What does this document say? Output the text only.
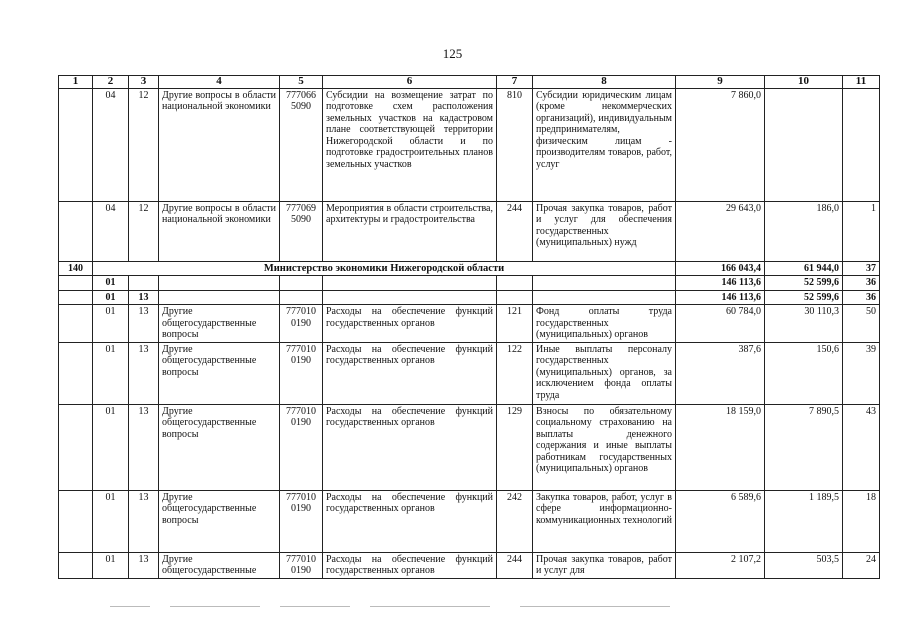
125
1	2	3	4	5	6	7	8	9	10	11
	04	12	Другие вопросы в области национальной экономики	777066 5090	Субсидии на возмещение затрат по подготовке схем расположения земельных участков на кадастровом плане соответствующей территории Нижегородской области и по подготовке градостроительных планов земельных участков	810	Субсидии юридическим лицам (кроме некоммерческих организаций), индивидуальным предпринимателям, физическим лицам - производителям товаров, работ, услуг	7 860,0		
	04	12	Другие вопросы в области национальной экономики	777069 5090	Мероприятия в области строительства, архитектуры и градостроительства	244	Прочая закупка товаров, работ и услуг для обеспечения государственных (муниципальных) нужд	29 643,0	186,0	1
140	Министерство экономики Нижегородской области							166 043,4	61 944,0	37
	01							146 113,6	52 599,6	36
	01	13						146 113,6	52 599,6	36
	01	13	Другие общегосударственные вопросы	777010 0190	Расходы на обеспечение функций государственных органов	121	Фонд оплаты труда государственных (муниципальных) органов	60 784,0	30 110,3	50
	01	13	Другие общегосударственные вопросы	777010 0190	Расходы на обеспечение функций государственных органов	122	Иные выплаты персоналу государственных (муниципальных) органов, за исключением фонда оплаты труда	387,6	150,6	39
	01	13	Другие общегосударственные вопросы	777010 0190	Расходы на обеспечение функций государственных органов	129	Взносы по обязательному социальному страхованию на выплаты денежного содержания и иные выплаты работникам государственных (муниципальных) органов	18 159,0	7 890,5	43
	01	13	Другие общегосударственные вопросы	777010 0190	Расходы на обеспечение функций государственных органов	242	Закупка товаров, работ, услуг в сфере информационно-коммуникационных технологий	6 589,6	1 189,5	18
	01	13	Другие общегосударственные	777010 0190	Расходы на обеспечение функций государственных органов	244	Прочая закупка товаров, работ и услуг для	2 107,2	503,5	24
